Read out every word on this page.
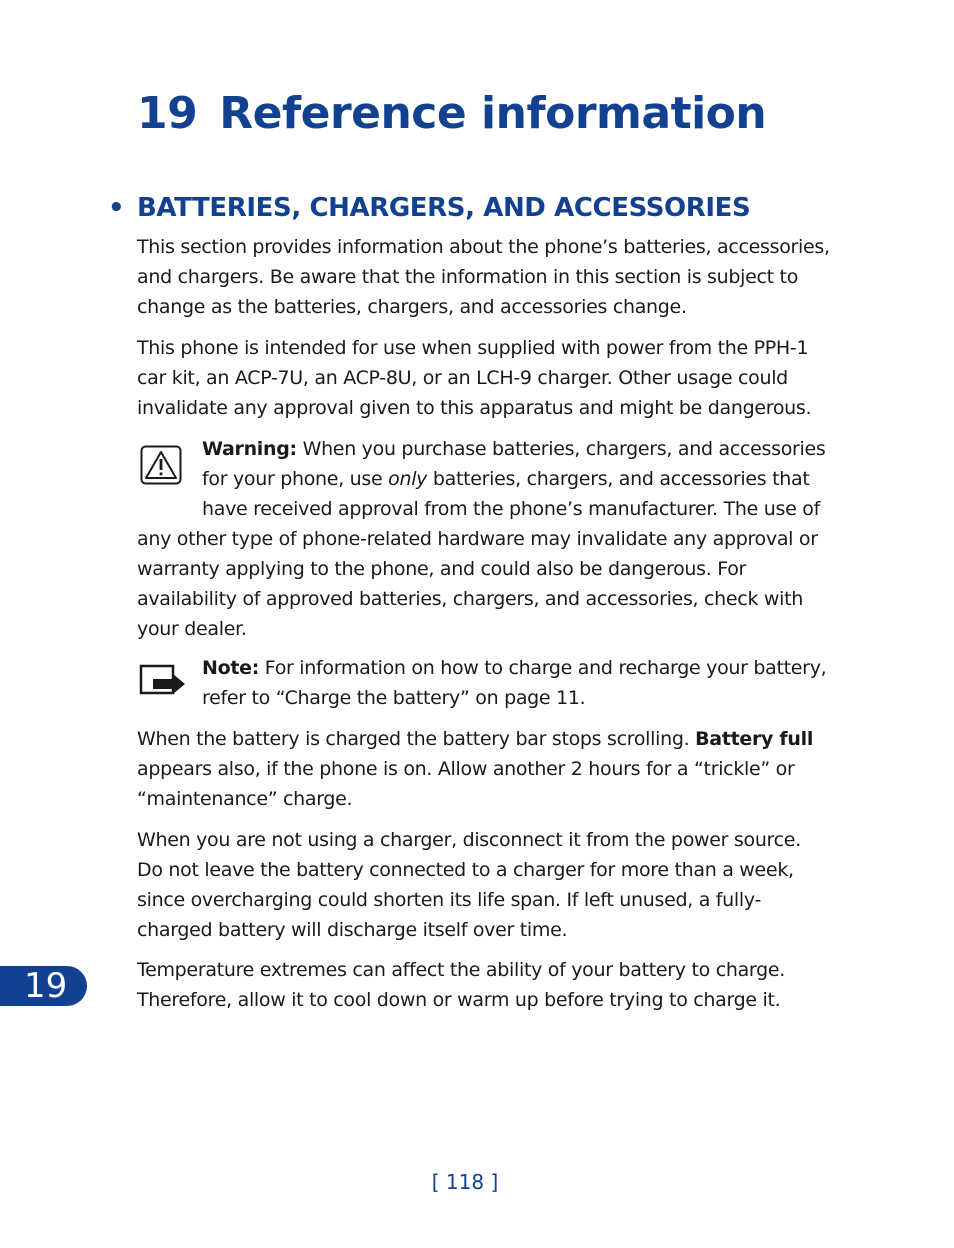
19 Reference information
• BATTERIES, CHARGERS, AND ACCESSORIES
This section provides information about the phone’s batteries, accessories,
and chargers. Be aware that the information in this section is subject to
change as the batteries, chargers, and accessories change.
This phone is intended for use when supplied with power from the PPH-1
car kit, an ACP-7U, an ACP-8U, or an LCH-9 charger. Other usage could
invalidate any approval given to this apparatus and might be dangerous.
Warning: When you purchase batteries, chargers, and accessories
for your phone, use only batteries, chargers, and accessories that
have received approval from the phone’s manufacturer. The use of
any other type of phone-related hardware may invalidate any approval or
warranty applying to the phone, and could also be dangerous. For
availability of approved batteries, chargers, and accessories, check with
your dealer.
Note: For information on how to charge and recharge your battery,
refer to “Charge the battery” on page 11.
When the battery is charged the battery bar stops scrolling. Battery full
appears also, if the phone is on. Allow another 2 hours for a “trickle” or
“maintenance” charge.
When you are not using a charger, disconnect it from the power source.
Do not leave the battery connected to a charger for more than a week,
since overcharging could shorten its life span. If left unused, a fully-
charged battery will discharge itself over time.
Temperature extremes can affect the ability of your battery to charge.
Therefore, allow it to cool down or warm up before trying to charge it.
19
[ 118 ]
